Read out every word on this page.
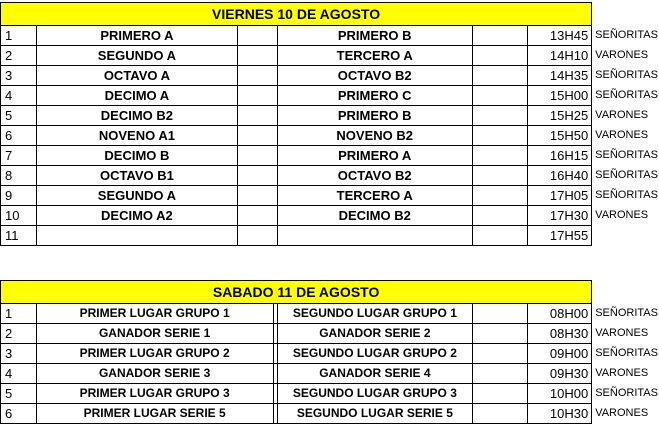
VIERNES 10 DE AGOSTO						
1	PRIMERO A		PRIMERO B		13H45	SEÑORITAS
2	SEGUNDO A		TERCERO A		14H10	VARONES
3	OCTAVO A		OCTAVO B2		14H35	SEÑORITAS
4	DECIMO A		PRIMERO C		15H00	SEÑORITAS
5	DECIMO B2		PRIMERO B		15H25	VARONES
6	NOVENO A1		NOVENO B2		15H50	VARONES
7	DECIMO B		PRIMERO A		16H15	SEÑORITAS
8	OCTAVO B1		OCTAVO B2		16H40	SEÑORITAS
9	SEGUNDO A		TERCERO A		17H05	SEÑORITAS
10	DECIMO A2		DECIMO B2		17H30	VARONES
11					17H55	
SABADO 11 DE AGOSTO						
1	PRIMER LUGAR GRUPO 1		SEGUNDO LUGAR GRUPO 1		08H00	SEÑORITAS
2	GANADOR SERIE 1		GANADOR SERIE 2		08H30	VARONES
3	PRIMER LUGAR GRUPO 2		SEGUNDO LUGAR GRUPO 2		09H00	SEÑORITAS
4	GANADOR SERIE 3		GANADOR SERIE 4		09H30	VARONES
5	PRIMER LUGAR GRUPO 3		SEGUNDO LUGAR GRUPO 3		10H00	SEÑORITAS
6	PRIMER LUGAR SERIE 5		SEGUNDO LUGAR SERIE 5		10H30	VARONES
